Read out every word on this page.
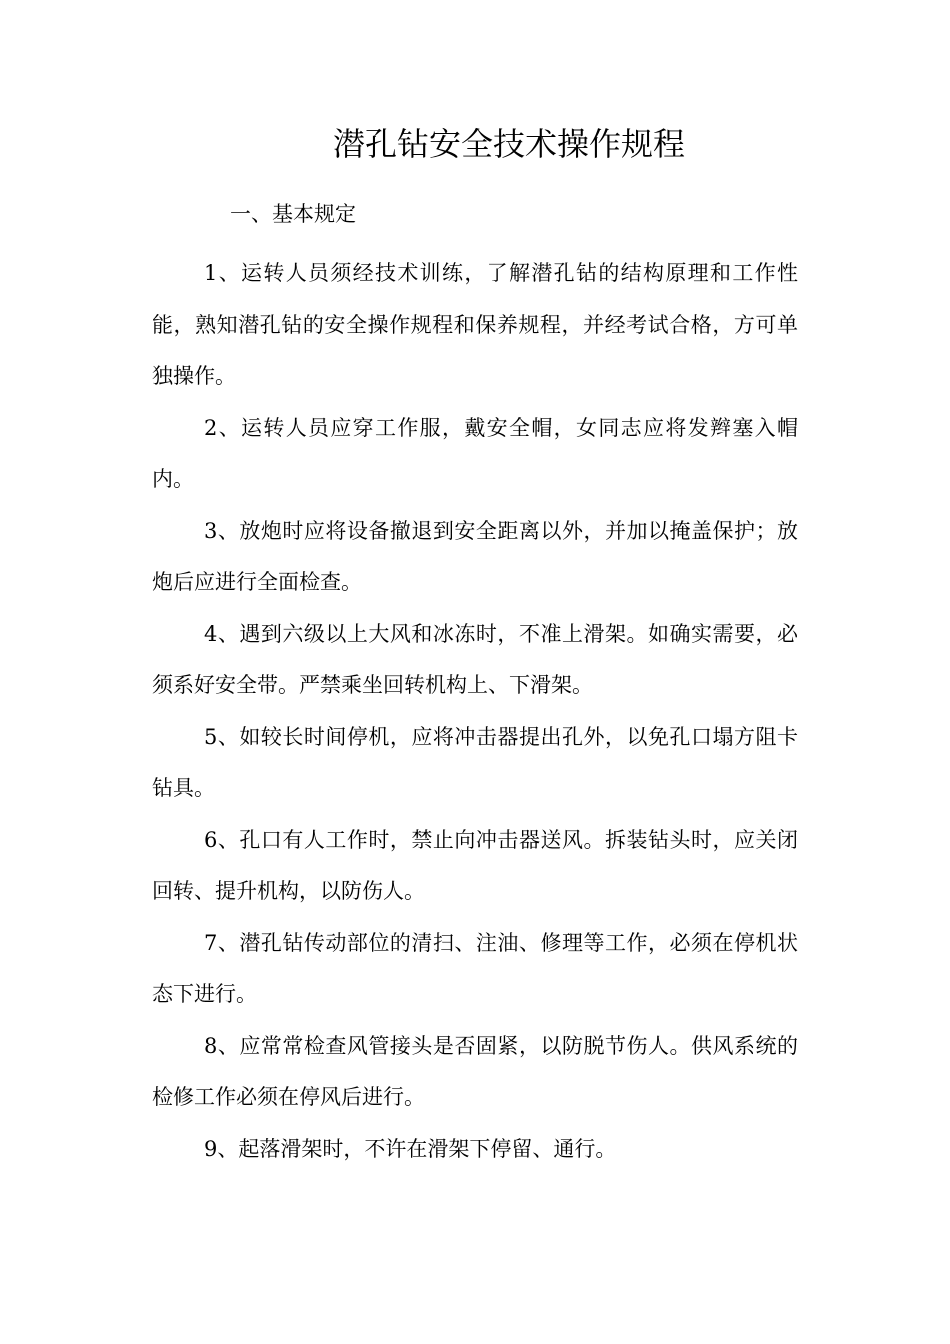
潜孔钻安全技术操作规程
一、基本规定

1、运转人员须经技术训练，了解潜孔钻的结构原理和工作性能，熟知潜孔钻的安全操作规程和保养规程，并经考试合格，方可单独操作。

2、运转人员应穿工作服，戴安全帽，女同志应将发辫塞入帽内。

3、放炮时应将设备撤退到安全距离以外，并加以掩盖保护；放炮后应进行全面检查。

4、遇到六级以上大风和冰冻时，不准上滑架。如确实需要，必须系好安全带。严禁乘坐回转机构上、下滑架。

5、如较长时间停机，应将冲击器提出孔外，以免孔口塌方阻卡钻具。

6、孔口有人工作时，禁止向冲击器送风。拆装钻头时，应关闭回转、提升机构，以防伤人。

7、潜孔钻传动部位的清扫、注油、修理等工作，必须在停机状态下进行。

8、应常常检查风管接头是否固紧，以防脱节伤人。供风系统的检修工作必须在停风后进行。

9、起落滑架时，不许在滑架下停留、通行。
